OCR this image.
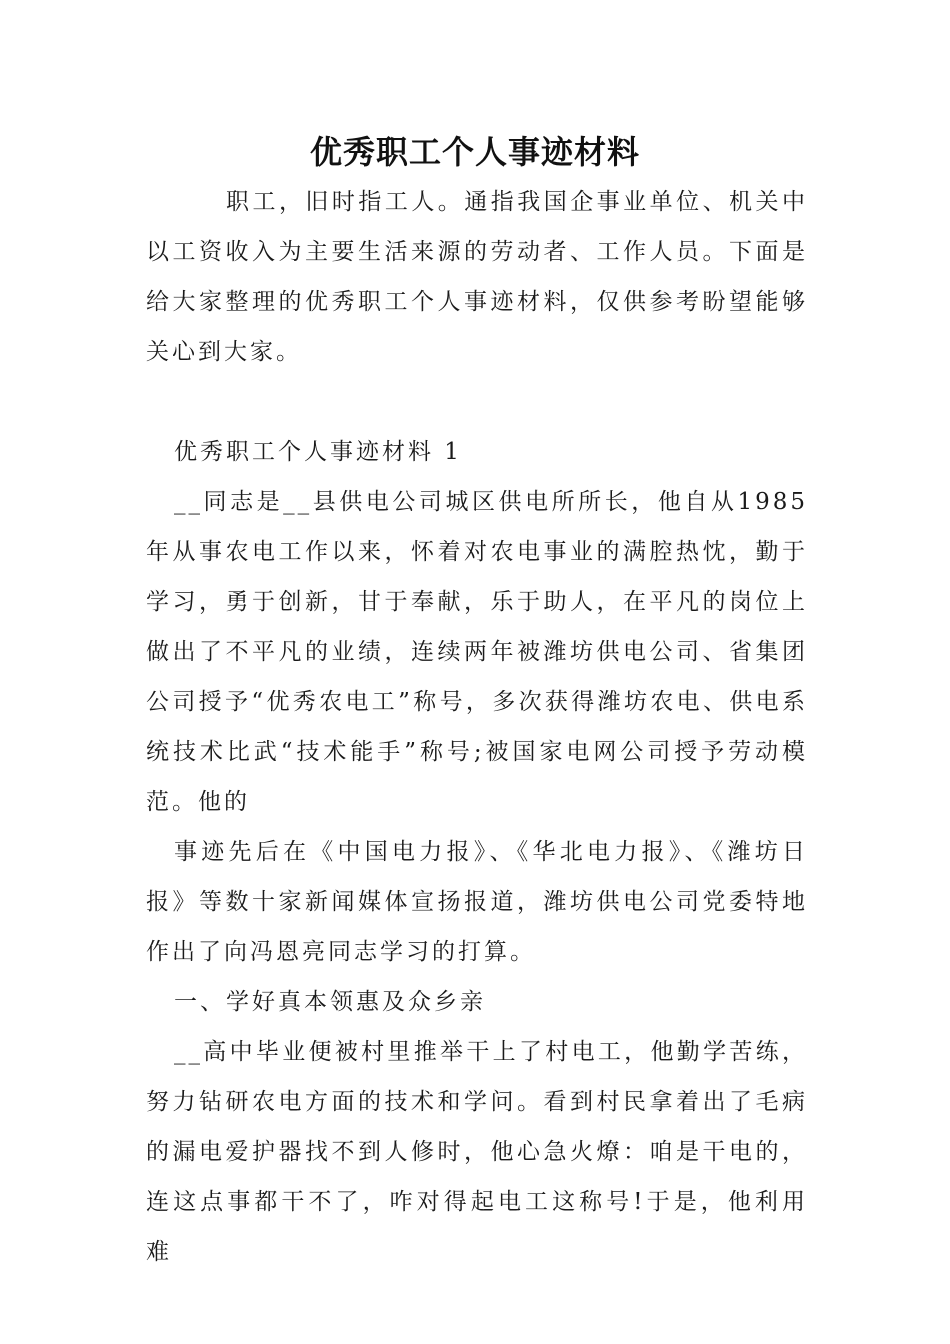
优秀职工个人事迹材料

职工，旧时指工人。通指我国企事业单位、机关中以工资收入为主要生活来源的劳动者、工作人员。下面是给大家整理的优秀职工个人事迹材料，仅供参考盼望能够关心到大家。

优秀职工个人事迹材料 1

__同志是__县供电公司城区供电所所长，他自从1985年从事农电工作以来，怀着对农电事业的满腔热忱，勤于学习，勇于创新，甘于奉献，乐于助人，在平凡的岗位上做出了不平凡的业绩，连续两年被潍坊供电公司、省集团公司授予“优秀农电工”称号，多次获得潍坊农电、供电系统技术比武“技术能手”称号;被国家电网公司授予劳动模范。他的

事迹先后在《中国电力报》、《华北电力报》、《潍坊日报》等数十家新闻媒体宣扬报道，潍坊供电公司党委特地作出了向冯恩亮同志学习的打算。

一、学好真本领惠及众乡亲

__高中毕业便被村里推举干上了村电工，他勤学苦练，努力钻研农电方面的技术和学问。看到村民拿着出了毛病的漏电爱护器找不到人修时，他心急火燎：咱是干电的，连这点事都干不了，咋对得起电工这称号!于是，他利用难
